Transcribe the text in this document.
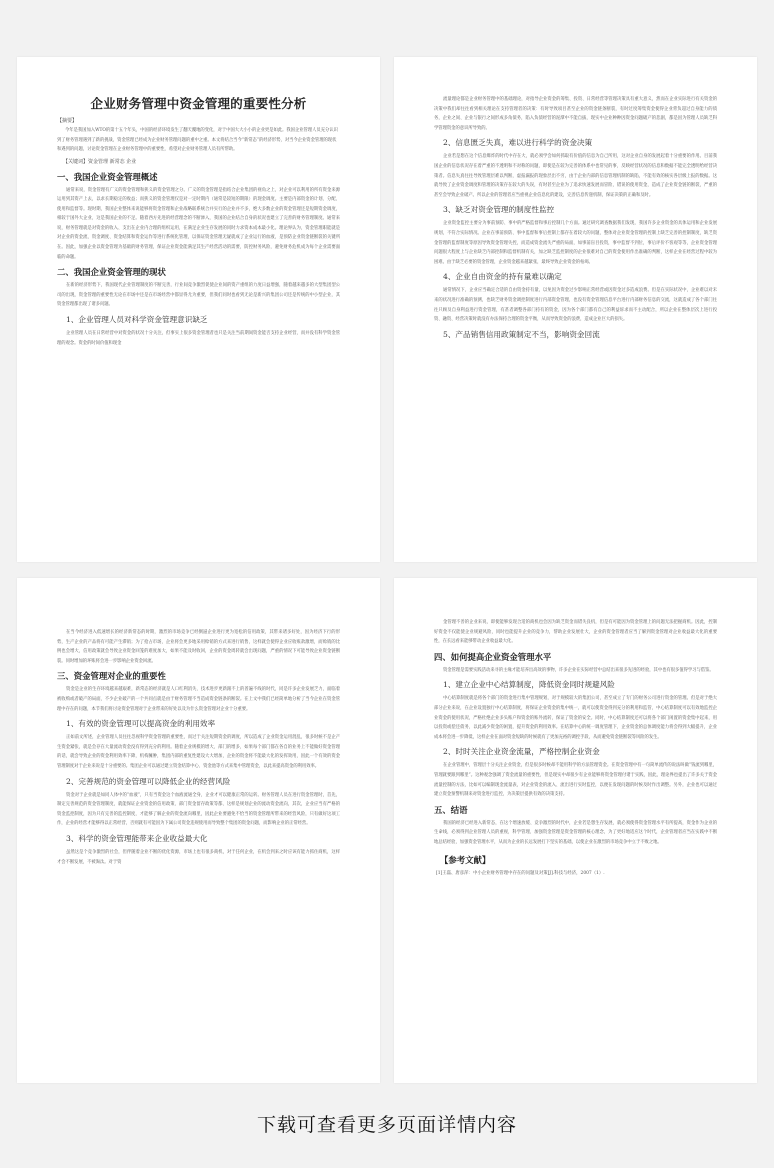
企业财务管理中资金管理的重要性分析
【摘要】

今年是我国加入WTO的第十五个年头，中国的经济环境发生了翻天覆地的变化，对于中国大大小小的企业更是如此。我国企业管理人员充分认识到了财务管理遇到了新的挑战，资金管理已经成为企业财务管理问题的重中之重。本文将结合当今“新常态”的经济形势，对当今企业资金管理的现状和遇到的问题，讨论资金管理在企业财务管理中的重要性，希望对企业财务管理人员有所帮助。

【关键词】资金管理 新常态 企业
一、我国企业资金管理概述

通常来说，资金管理有广义的资金管理和狭义的资金管理之分。广义的资金管理是指结合企业集团的视角之上，对企业可以利用的所有资金来源运用到其资产上去，以求长期稳定的收益；而狭义的资金管理仅是对一定时期内（通常是较短的期限）的现金调度。主要是内部资金的计划、分配、使用和监督等。现时期，我国企业整体来说能够将资金管理和企业战略联系统合并实行的企业并不多，绝大多数企业的资金管理还是短期资金调度，相较于国外大企业，这是我国企业的不足。随着西方先进的经营理念的不断渗入，我国的企业结合自身的状况也建立了完善的财务管理制度。通常来说，财务管理就是对资金的收入、支出在企业内合理的组织运用，在满足企业生存发展的同时力求资本成本最小化。理论界认为，资金管理职能就是对企业的资金流、资金调度、资金结算和资金运作等进行系统化管理，以保证资金管理无疑就成了企业运行的血液，是预防企业资金链断裂的关键所在。因此，加强企业以资金管理为基础的财务管理，保证企业资金能满足其生产经营活动的需要，防控财务风险，避免财务危机成为每个企业需要面临的命题。

二、我国企业资金管理的现状

在新的经济形势下，我国现代企业管理制度的不断完善，行业间竞争激烈促使企业间的资产重组的力度日益增强，随着越来越多的大型集团型公司的出现，资金管理的重要性无论在市场中还是在市场经营中都显得尤为重要，但我们同时也看到无论是新兴的集团公司还是传统的中小型企业，其资金管理都出现了诸多问题。

1、企业管理人员对科学资金管理意识缺乏

企业管理人员在日常经营中对资金的状况十分关注，但事实上很多资金管理者也只是关注当前期间资金能否支持企业经营，而并没有科学资金管理的观念。资金的时间价值和现金

流量理论都是企业财务管理中的基础理论，对指导企业资金的筹集、投资、日常经营等管理决策具有重大意义，然而在企业实际进行有关资金的决策中我们却往往看到相关理论在支持管理者的决策：有时导致项目甚至企业的资金链条断裂，有时过度筹集资金使得企业背负超过自身能力的债务，企业之间、企业与银行之间形成多角债务，陷入负债经营的泥潭中不能自拔，现实中企业种种因资金问题破产的悲剧，都是因为管理人员缺乏科学管理资金的意识所导致的。

2、信息匮乏失真，难以进行科学的资金决策

企业若是想在这个信息爆炸的时代中存在大，就必须学会如何抓取有价值的信息为自己所用，这对企业自身的发展起着十分重要的作用。目前我国企业的信息状况存在着严重的不透明和不对称的问题，即使是在较为完善的体系中也常见的事，反映经营状况的信息和数据不能完全透明给经营决策者。信息失真往往导致管理层难以判断，虚报漏报的现象层出不穷，由于企业内部的信息管理机制的缺陷，不能有效的核实各层级上报的数据。这就导致了企业资金调度和管理的决策存在较大的失误，有时甚至企业为了追求快速发展而冒险，错误的使用资金，造成了企业资金链的断裂，严重的甚至会导致企业破产。所以企业的管理者应当重视企业信息化的建设，完善信息传递机制，保证决策的正确和及时。

3、缺乏对资金管理的制度性监控

企业资金监控主要分为事前预防、事中的严格监督和事后控制几个方面。通过研究调查数据我们发现，我国许多企业资金的具体运用和企业发展规划，不符合实际情况。企业在事前预防、事中监督和事后控制上都存在着较大的问题，整体对企业资金管理的控制上缺乏完善的控制制度，缺乏资金管理的监督制度等原因导致资金管理失控，而造成资金流失严重的局面，如事前盲目投资，事中监督不到位，事后评价不客观等等，企业资金管理问题很大程度上与企业缺乏内部控制和监督机制有关，加之缺乏监控制度的企业很难对自己的资金使用作出准确的判断，这样企业在经营过程中较为困难。由于缺乏必要的资金管理，企业资金越来越紧张，最终导致企业资金的枯竭。

4、企业自由资金的持有量难以确定

通常情况下，企业应当确定合适的自由资金持有量，以免因为资金过少影响正常经营或因资金过多造成浪费。但是在实际状况中，企业难以对未来的状况进行准确的预测，也缺乏财务资金调控制度进行内部资金管理，也没有资金管理信息平台进行内部财务信息的交流，这就造成了各个部门往往只顾及自身利益进行资金管理，有甚者调整各部门持有的资金，因为各个部门都有自己的利益诉求而不主动配合，所以企业在整体层次上进行投资、融资、经营决策时就没有办法保持合理的资金平衡，从而导致资金的浪费，造成企业巨大的损失。

5、产品销售信用政策制定不当，影响资金回流

在当今经济进入低速增长的经济新常态的时期，激烈的市场竞争已经倒逼企业进行更为宽松的信用政策，其带来诸多好处，因为经济下行的形势，生产企业的产品将有可能产生滞销；为了抢占市场，企业将会更多地采用赊销的方式来进行销售，这样就会使得企业应收账款激增，而赊销的比例也会增大，信用政策就会导致企业资金回笼的难度加大，如果不能及时收回，企业的资金周转就会出现问题，严重的情况下可能导致企业资金链断裂。同时增加的坏账将会进一步影响企业资金回流。

三、资金管理对企业的重要性

资金是企业的生存环境越来越艰难，新常态的经济就是人口红利消失、技术进步更新跟不上的普遍不线的时代，同是许多企业发展乏力，面临着被收购或者破产的局面，不少企业破产的一个共同点就是由于财务管理不当造成资金链条的断裂。在上文中我们已经简单地分析了当今企业在资金管理中存在的问题，本节我们将讨论资金管理对于企业带来的好处以及为什么资金管理对企业十分重要。

1、有效的资金管理可以提高资金的利用效率

正如前文所述，企业管理人员往往忽视科学资金管理的重要性，而过于关注短期资金的调度，所以造成了企业资金运用混乱，很多时候不是企产生资金紧张，就是会存在大量流动资金没有得到充分的利用。随着企业规模的增大、部门的增多，如果每个部门都在各自的业务上不能做好资金管理的话，就会导致企业的资金利用效率下降，机构臃肿，集团内部的重复性建设大大增加，企业的资金将不能最大化的发挥效用，因此一个有效的资金管理制度对于企业来说是十分重要的。集团企业可以通过建立资金结算中心、资金池等方式来集中管理资金，以此来提高资金的利用效率。

2、完善规范的资金管理可以降低企业的经营风险

资金对于企业就是如同人体中的“血液”，只有当资金这个血液流通全身，企业才可以健康正常的运转。财务管理人员在进行资金管理时，首先，制定完善规范的资金管理制度，就能保证企业资金的信用政策、部门资金留存政策等都、这样是规划企业的流动资金流向，其次，企业应当有严格的资金监控制度，因为只有完善的监控制度，才能够了解企业的资金流向哪里，因此企业要避免不恰当的资金管理所带来的经营风险，只有做好这项工作，企业的经营才能够得以正常经营，否则就有可能因为下属公司资金违规使用而导致整个集团的资金问题，而影响企业的正常经营。

3、科学的资金管理能带来企业收益最大化

虽然这是个竞争激烈的社会，但伴随着企业不断的优化资源，市场上也有很多商机，对于任何企业，在机会到来之时应该有能力抓住商机，这样才会不断发展，不被淘汰。对于资

金管理不善的企业来说，即使能够发现合适的商机也会因为缺乏资金而错失良机，但是有可能因为资金管理上的问题无法把握商机。因此，控制好资金不仅能使企业规避风险，同时也能提升企业的竞争力，帮助企业发展壮大，企业的资金管理者应当了解到资金管理对企业收益最大化的重要性，在长远看来能够带动企业收益最大化。

四、如何提高企业资金管理水平

资金管理是需要实践活动来寻的主缘才能培养出高效的事物，许多企业在实际经营中总结出来很多先进的经验，其中也有很多值得学习与借鉴。

1、建立企业中心结算制度，降低资金同时规避风险

中心结算制度就是将各个部门的资金进行集中管理规划，对于规模较大的集团公司，甚至成立了专门的财务公司进行资金的管理。但是对于绝大部分企业来说，在企业设置独行中心结算制度，将保证企业资金的集中统一，就可以使资金得到充分的利用和监管，中心结算制度可以有效地监控企业资金的使用状况，严格杜绝企业多头账户和资金的账外流转，保证了资金的安全。同时，中心结算制度还可以将各个部门闲置的资金集中起来，用以投资或偿还债务，以此减少资金的闲置，提升资金的利用效率。在结算中心的统一调度管理下，企业资金的总体调度能力将会得到大幅提升，企业成本将会进一步降低，这样企业在面对资金短缺的时候就有了更加充裕的调控手段，从而避免资金链断裂等风险的发生。

2、时时关注企业资金流量，严格控制企业资金

在企业管理中，管理层十分关注企业资金，但是很多时候却不能用科学的方法管理资金。在资金管理中有一句简单流传的说法叫做“钱流到哪里，管理就要跟到哪里”。这种观念强调了资金流量的重要性，但是现实中却很少有企业能够将资金管理付诸于实践，因此，理论界也提出了许多关于资金流量控制的方法，比如可以编制现金流量表，对企业资金的流入、流出进行实时监控，以便在发现问题的时候及时作出调整。另外，企业也可以通过建立资金预警机制来对资金进行监控，为决策层提供有效的决策支持。

五、结语

我国的经济已经进入新常态，在这个增速放缓、竞争激烈的时代中，企业若是想生存发展，就必须使得资金管理水平有所提高，资金作为企业的生命线，必须得到企业管理人员的重视，科学管理、加强资金管理是资金管理的核心理念，为了更好地适应这个时代，企业管理者应当在实践中不断地总结经验，加强资金管理水平，从而为企业的长远发展打下坚实的基础，以使企业在激烈的市场竞争中立于不败之地。

【参考文献】

[1]王磊、唐彦萍：中小企业财务管理中存在的问题及对策[J].科技与经济，2007（1）.

下载可查看更多页面详情内容
